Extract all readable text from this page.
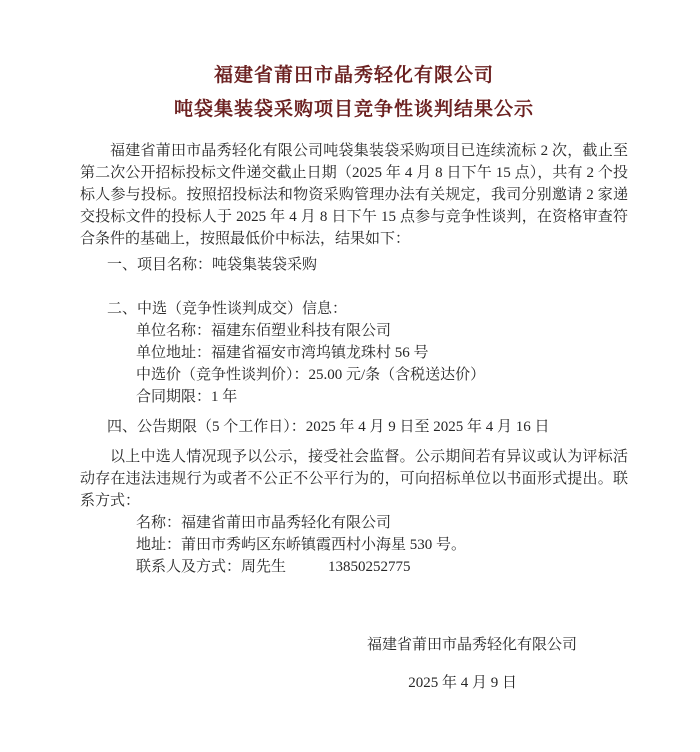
福建省莆田市晶秀轻化有限公司
吨袋集装袋采购项目竞争性谈判结果公示
福建省莆田市晶秀轻化有限公司吨袋集装袋采购项目已连续流标 2 次，截止至第二次公开招标投标文件递交截止日期（2025 年 4 月 8 日下午 15 点），共有 2 个投标人参与投标。按照招投标法和物资采购管理办法有关规定，我司分别邀请 2 家递交投标文件的投标人于 2025 年 4 月 8 日下午 15 点参与竞争性谈判，在资格审查符合条件的基础上，按照最低价中标法，结果如下：
一、项目名称：吨袋集装袋采购
二、中选（竞争性谈判成交）信息：
单位名称：福建东佰塑业科技有限公司
单位地址：福建省福安市湾坞镇龙珠村 56 号
中选价（竞争性谈判价）：25.00 元/条（含税送达价）
合同期限：1 年
四、公告期限（5 个工作日）：2025 年 4 月 9 日至 2025 年 4 月 16 日
以上中选人情况现予以公示，接受社会监督。公示期间若有异议或认为评标活动存在违法违规行为或者不公正不公平行为的，可向招标单位以书面形式提出。联系方式：
名称：福建省莆田市晶秀轻化有限公司
地址：莆田市秀屿区东峤镇霞西村小海星 530 号。
联系人及方式：周先生	13850252775
福建省莆田市晶秀轻化有限公司
2025 年 4 月 9 日
